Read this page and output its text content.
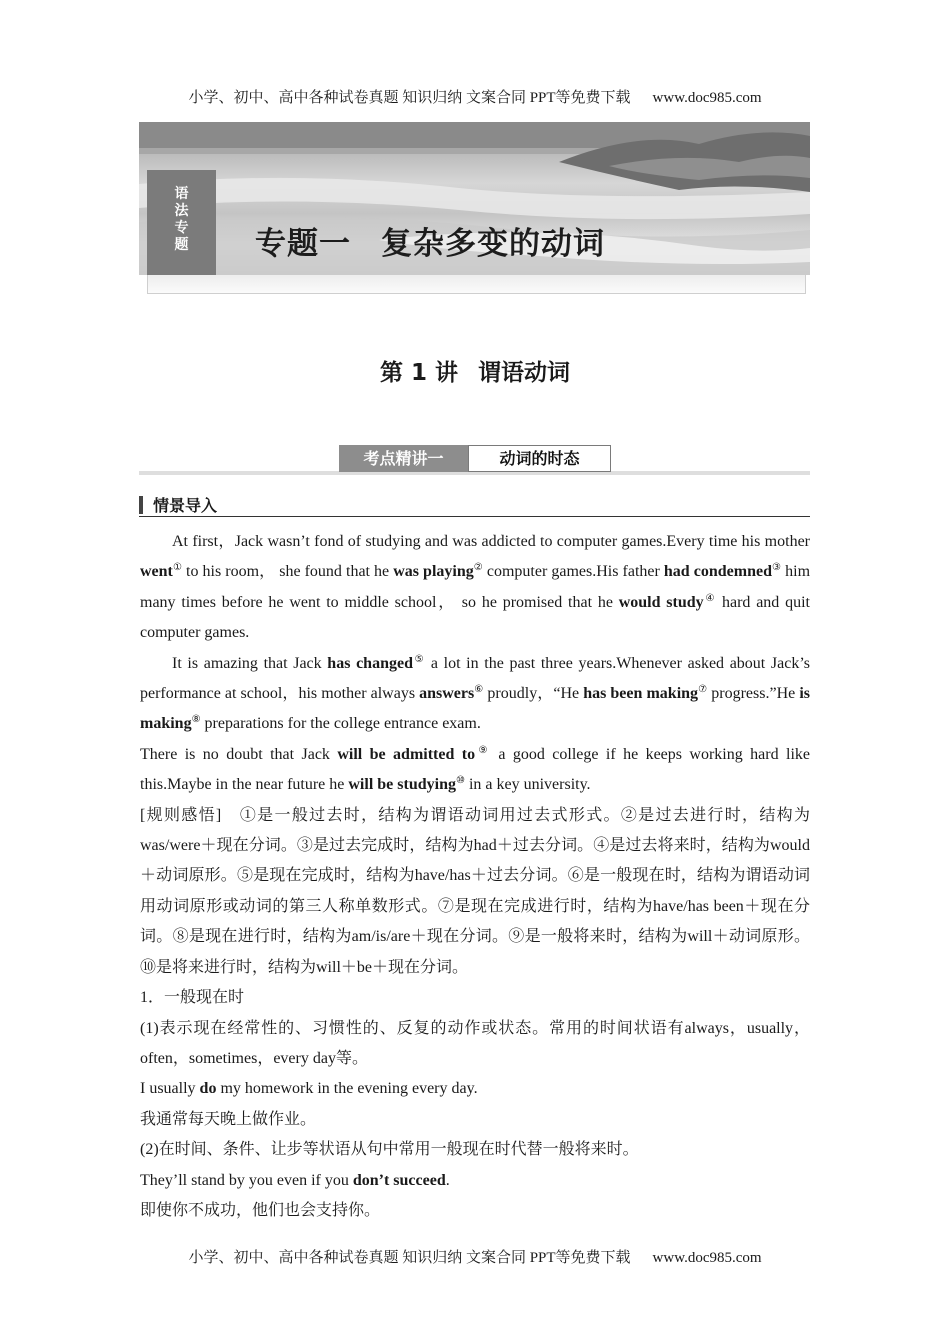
小学、初中、高中各种试卷真题 知识归纳 文案合同 PPT等免费下载 www.doc985.com
语
法
专
题	专题一 复杂多变的动词
第 1 讲 谓语动词
考点精讲一	动词的时态
情景导入

At first，Jack wasn’t fond of studying and was addicted to computer games.Every time his mother went① to his room， she found that he was playing② computer games.His father had condemned③ him many times before he went to middle school， so he promised that he would study④ hard and quit computer games.

It is amazing that Jack has changed⑤ a lot in the past three years.Whenever asked about Jack’s performance at school，his mother always answers⑥ proudly，“He has been making⑦ progress.”He is making⑧ preparations for the college entrance exam.

There is no doubt that Jack will be admitted to⑨ a good college if he keeps working hard like this.Maybe in the near future he will be studying⑩ in a key university.

[规则感悟]　①是一般过去时，结构为谓语动词用过去式形式。②是过去进行时，结构为was/were＋现在分词。③是过去完成时，结构为had＋过去分词。④是过去将来时，结构为would＋动词原形。⑤是现在完成时，结构为have/has＋过去分词。⑥是一般现在时，结构为谓语动词用动词原形或动词的第三人称单数形式。⑦是现在完成进行时，结构为have/has been＋现在分词。⑧是现在进行时，结构为am/is/are＋现在分词。⑨是一般将来时，结构为will＋动词原形。⑩是将来进行时，结构为will＋be＋现在分词。

1．一般现在时

(1)表示现在经常性的、习惯性的、反复的动作或状态。常用的时间状语有always，usually，often，sometimes，every day等。

I usually do my homework in the evening every day.

我通常每天晚上做作业。

(2)在时间、条件、让步等状语从句中常用一般现在时代替一般将来时。

They’ll stand by you even if you don’t succeed.

即使你不成功，他们也会支持你。

小学、初中、高中各种试卷真题 知识归纳 文案合同 PPT等免费下载 www.doc985.com
